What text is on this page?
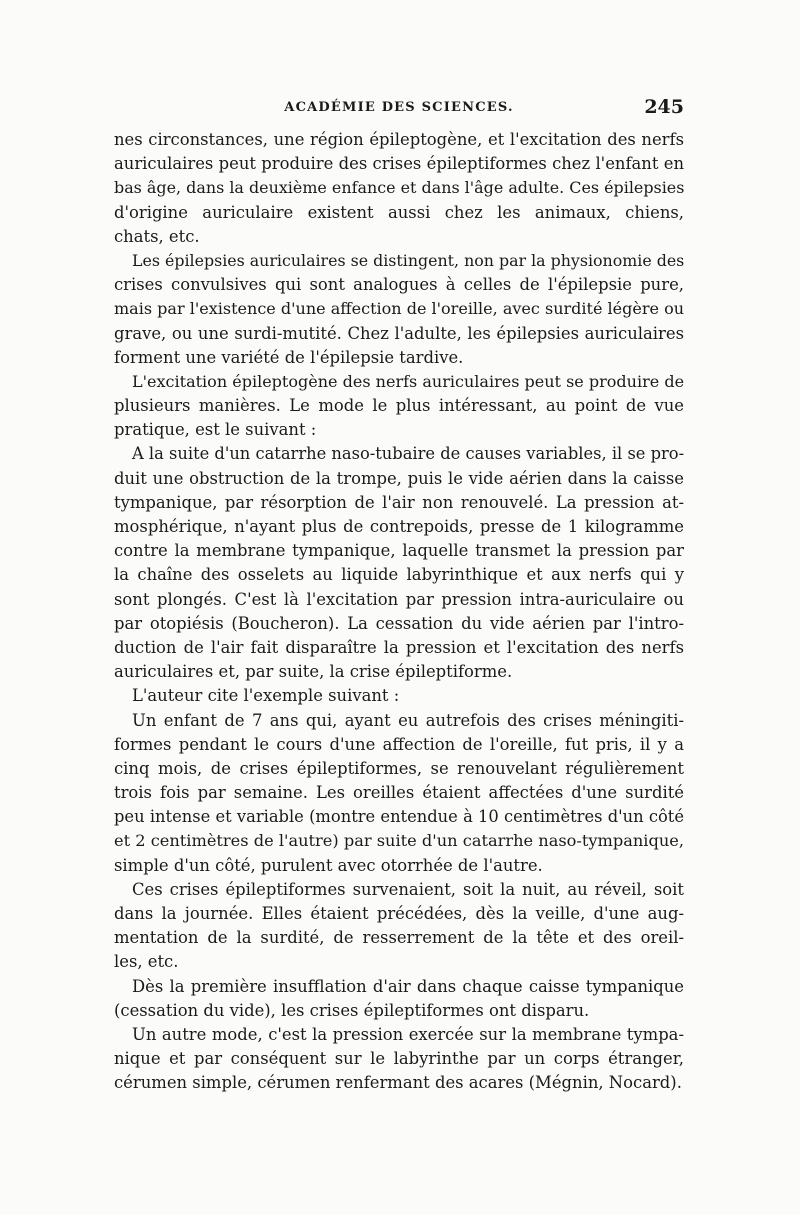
ACADÉMIE DES SCIENCES.	245
nes circonstances, une région épileptogène, et l'excitation des nerfs
auriculaires peut produire des crises épileptiformes chez l'enfant en
bas âge, dans la deuxième enfance et dans l'âge adulte. Ces épilepsies
d'origine auriculaire existent aussi chez les animaux, chiens,
chats, etc.
Les épilepsies auriculaires se distingent, non par la physionomie des
crises convulsives qui sont analogues à celles de l'épilepsie pure,
mais par l'existence d'une affection de l'oreille, avec surdité légère ou
grave, ou une surdi-mutité. Chez l'adulte, les épilepsies auriculaires
forment une variété de l'épilepsie tardive.
L'excitation épileptogène des nerfs auriculaires peut se produire de
plusieurs manières. Le mode le plus intéressant, au point de vue
pratique, est le suivant :
A la suite d'un catarrhe naso-tubaire de causes variables, il se pro-
duit une obstruction de la trompe, puis le vide aérien dans la caisse
tympanique, par résorption de l'air non renouvelé. La pression at-
mosphérique, n'ayant plus de contrepoids, presse de 1 kilogramme
contre la membrane tympanique, laquelle transmet la pression par
la chaîne des osselets au liquide labyrinthique et aux nerfs qui y
sont plongés. C'est là l'excitation par pression intra-auriculaire ou
par otopiésis (Boucheron). La cessation du vide aérien par l'intro-
duction de l'air fait disparaître la pression et l'excitation des nerfs
auriculaires et, par suite, la crise épileptiforme.
L'auteur cite l'exemple suivant :
Un enfant de 7 ans qui, ayant eu autrefois des crises méningiti-
formes pendant le cours d'une affection de l'oreille, fut pris, il y a
cinq mois, de crises épileptiformes, se renouvelant régulièrement
trois fois par semaine. Les oreilles étaient affectées d'une surdité
peu intense et variable (montre entendue à 10 centimètres d'un côté
et 2 centimètres de l'autre) par suite d'un catarrhe naso-tympanique,
simple d'un côté, purulent avec otorrhée de l'autre.
Ces crises épileptiformes survenaient, soit la nuit, au réveil, soit
dans la journée. Elles étaient précédées, dès la veille, d'une aug-
mentation de la surdité, de resserrement de la tête et des oreil-
les, etc.
Dès la première insufflation d'air dans chaque caisse tympanique
(cessation du vide), les crises épileptiformes ont disparu.
Un autre mode, c'est la pression exercée sur la membrane tympa-
nique et par conséquent sur le labyrinthe par un corps étranger,
cérumen simple, cérumen renfermant des acares (Mégnin, Nocard).
